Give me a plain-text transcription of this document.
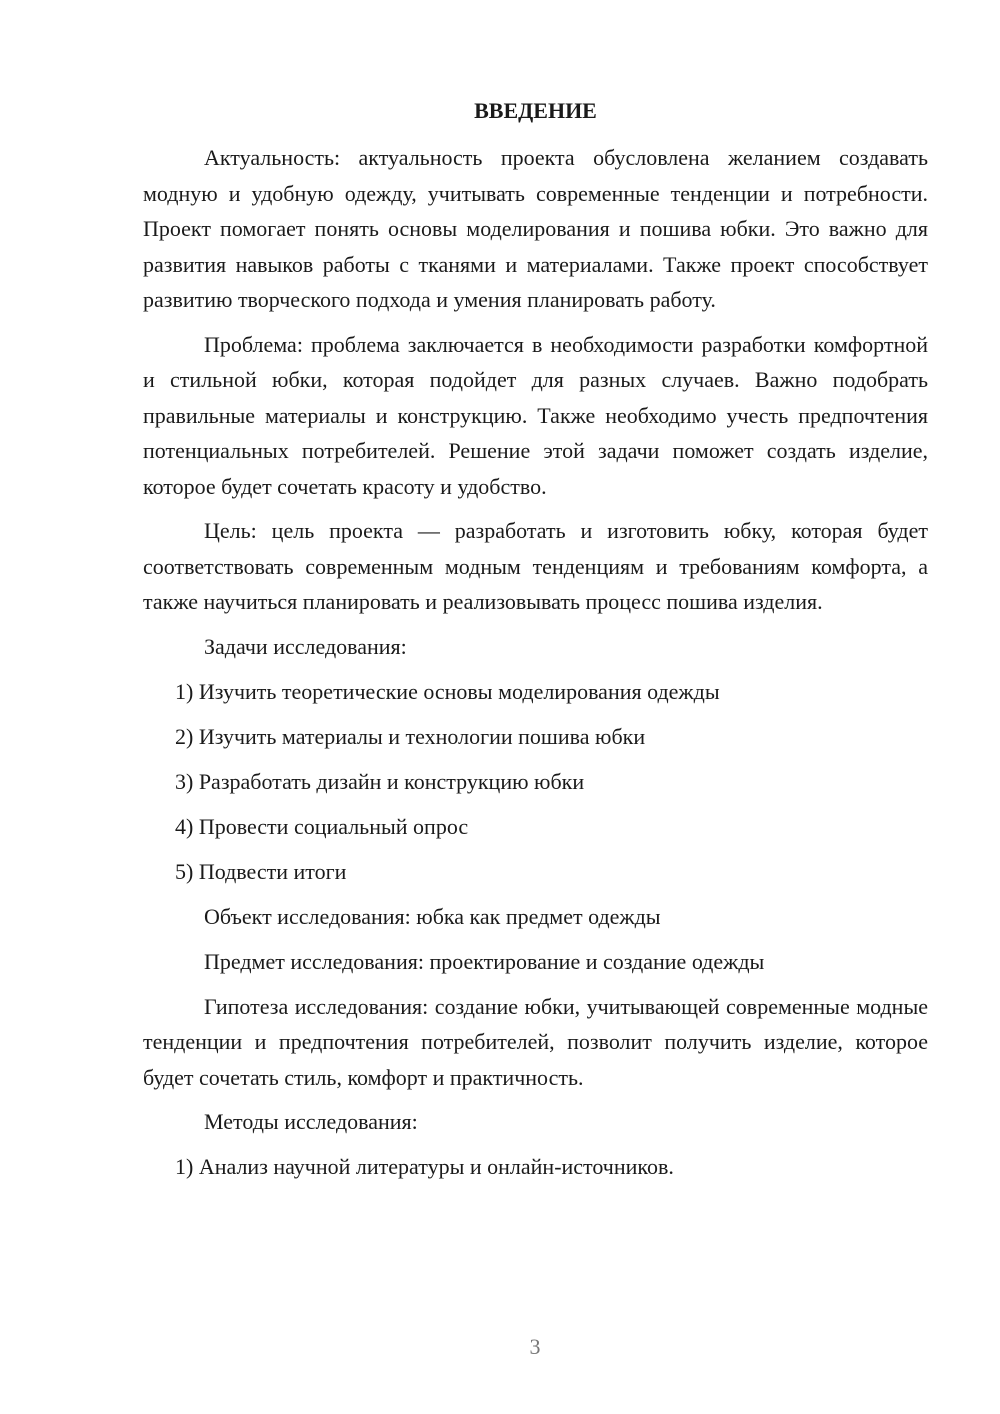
ВВЕДЕНИЕ

Актуальность: актуальность проекта обусловлена желанием создавать модную и удобную одежду, учитывать современные тенденции и потребности. Проект помогает понять основы моделирования и пошива юбки. Это важно для развития навыков работы с тканями и материалами. Также проект способствует развитию творческого подхода и умения планировать работу.

Проблема: проблема заключается в необходимости разработки комфортной и стильной юбки, которая подойдет для разных случаев. Важно подобрать правильные материалы и конструкцию. Также необходимо учесть предпочтения потенциальных потребителей. Решение этой задачи поможет создать изделие, которое будет сочетать красоту и удобство.

Цель: цель проекта — разработать и изготовить юбку, которая будет соответствовать современным модным тенденциям и требованиям комфорта, а также научиться планировать и реализовывать процесс пошива изделия.

Задачи исследования:
1) Изучить теоретические основы моделирования одежды
2) Изучить материалы и технологии пошива юбки
3) Разработать дизайн и конструкцию юбки
4) Провести социальный опрос
5) Подвести итоги
Объект исследования: юбка как предмет одежды
Предмет исследования: проектирование и создание одежды

Гипотеза исследования: создание юбки, учитывающей современные модные тенденции и предпочтения потребителей, позволит получить изделие, которое будет сочетать стиль, комфорт и практичность.

Методы исследования:
1) Анализ научной литературы и онлайн-источников.
3
